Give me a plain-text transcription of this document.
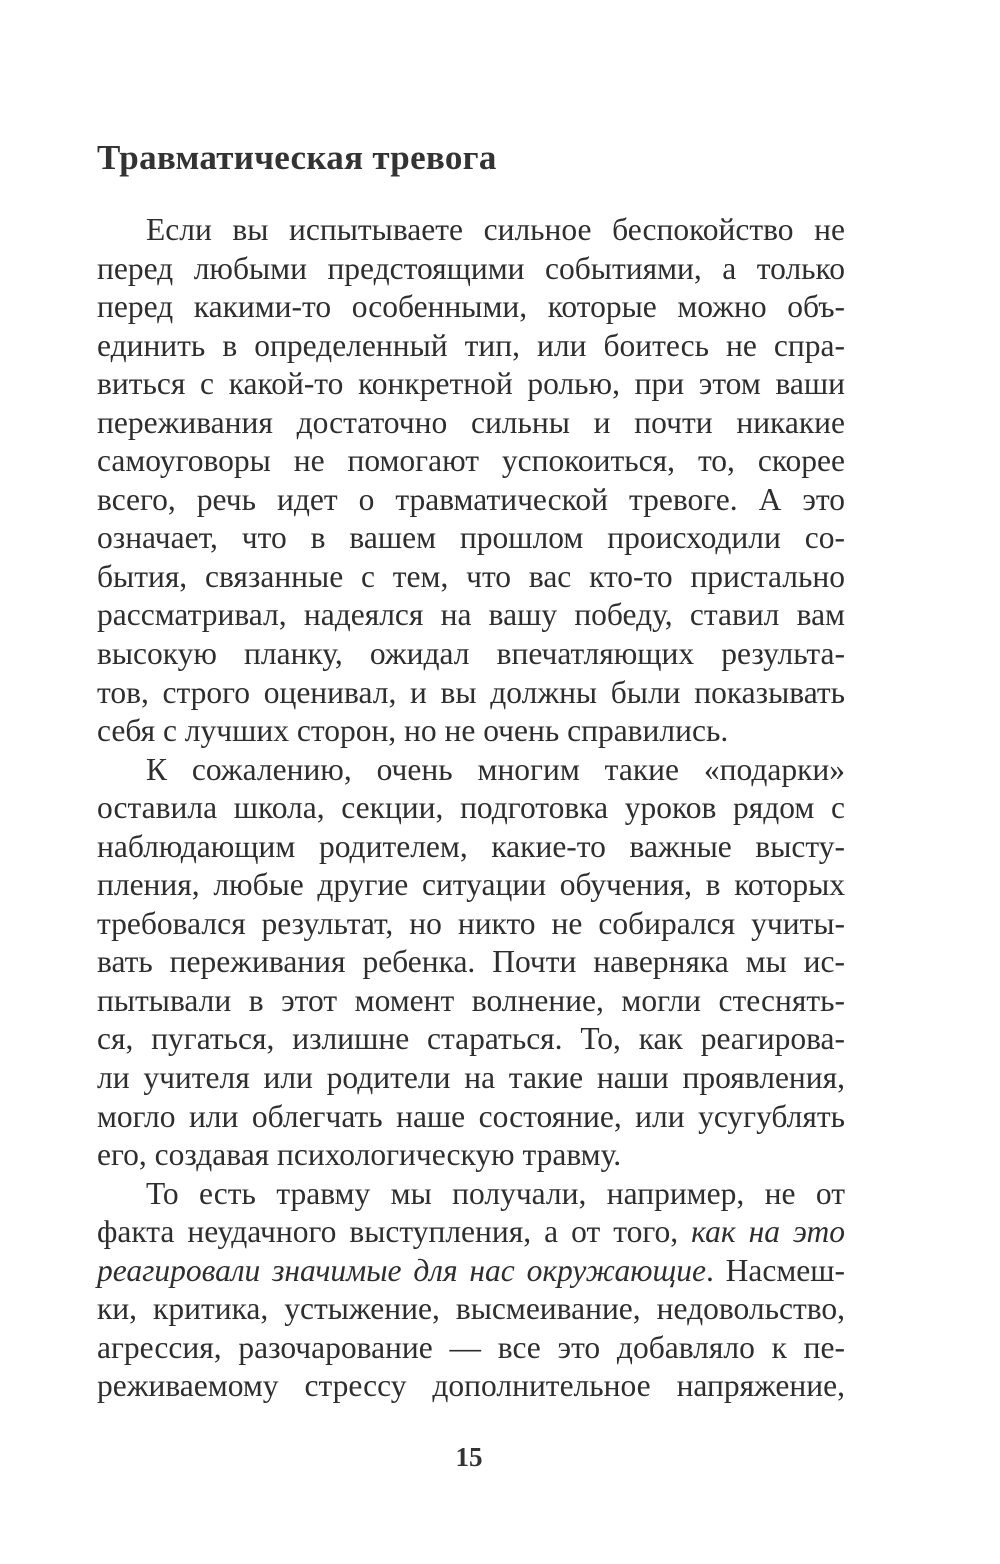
Травматическая тревога
Если вы испытываете сильное беспокойство не
перед любыми предстоящими событиями, а только
перед какими-то особенными, которые можно объ-
единить в определенный тип, или боитесь не спра-
виться с какой-то конкретной ролью, при этом ваши
переживания достаточно сильны и почти никакие
самоуговоры не помогают успокоиться, то, скорее
всего, речь идет о травматической тревоге. А это
означает, что в вашем прошлом происходили со-
бытия, связанные с тем, что вас кто-то пристально
рассматривал, надеялся на вашу победу, ставил вам
высокую планку, ожидал впечатляющих результа-
тов, строго оценивал, и вы должны были показывать
себя с лучших сторон, но не очень справились.
К сожалению, очень многим такие «подарки»
оставила школа, секции, подготовка уроков рядом с
наблюдающим родителем, какие-то важные высту-
пления, любые другие ситуации обучения, в которых
требовался результат, но никто не собирался учиты-
вать переживания ребенка. Почти наверняка мы ис-
пытывали в этот момент волнение, могли стеснять-
ся, пугаться, излишне стараться. То, как реагирова-
ли учителя или родители на такие наши проявления,
могло или облегчать наше состояние, или усугублять
его, создавая психологическую травму.
То есть травму мы получали, например, не от
факта неудачного выступления, а от того, как на это
реагировали значимые для нас окружающие. Насмеш-
ки, критика, устыжение, высмеивание, недовольство,
агрессия, разочарование — все это добавляло к пе-
реживаемому стрессу дополнительное напряжение,
15
